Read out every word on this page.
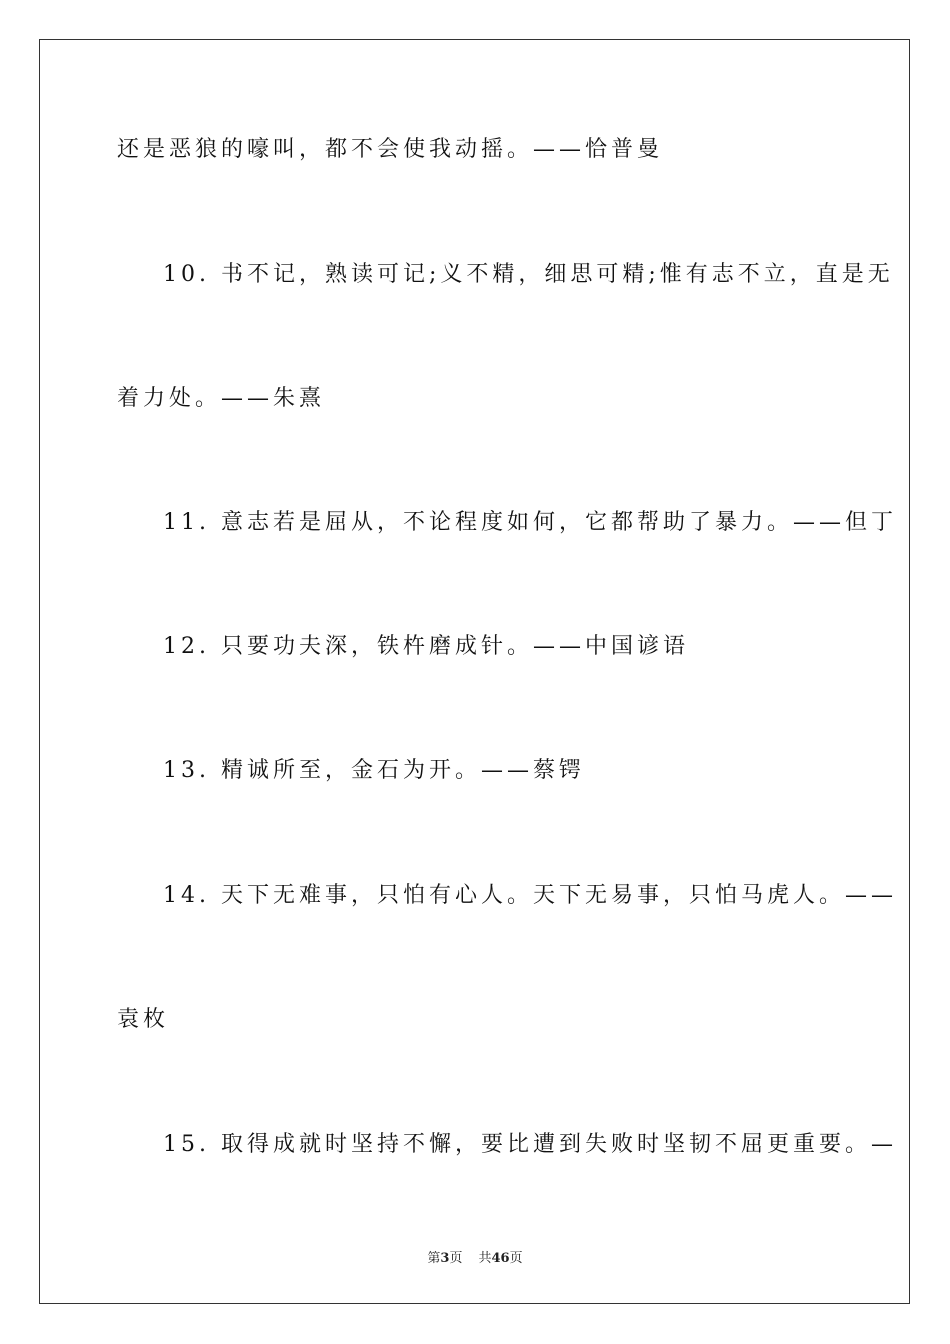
还是恶狼的嚎叫，都不会使我动摇。——恰普曼
10. 书不记，熟读可记;义不精，细思可精;惟有志不立，直是无
着力处。——朱熹
11. 意志若是屈从，不论程度如何，它都帮助了暴力。——但丁
12. 只要功夫深，铁杵磨成针。——中国谚语
13. 精诚所至，金石为开。——蔡锷
14. 天下无难事，只怕有心人。天下无易事，只怕马虎人。——
袁枚
15. 取得成就时坚持不懈，要比遭到失败时坚韧不屈更重要。—
第3页 共46页
